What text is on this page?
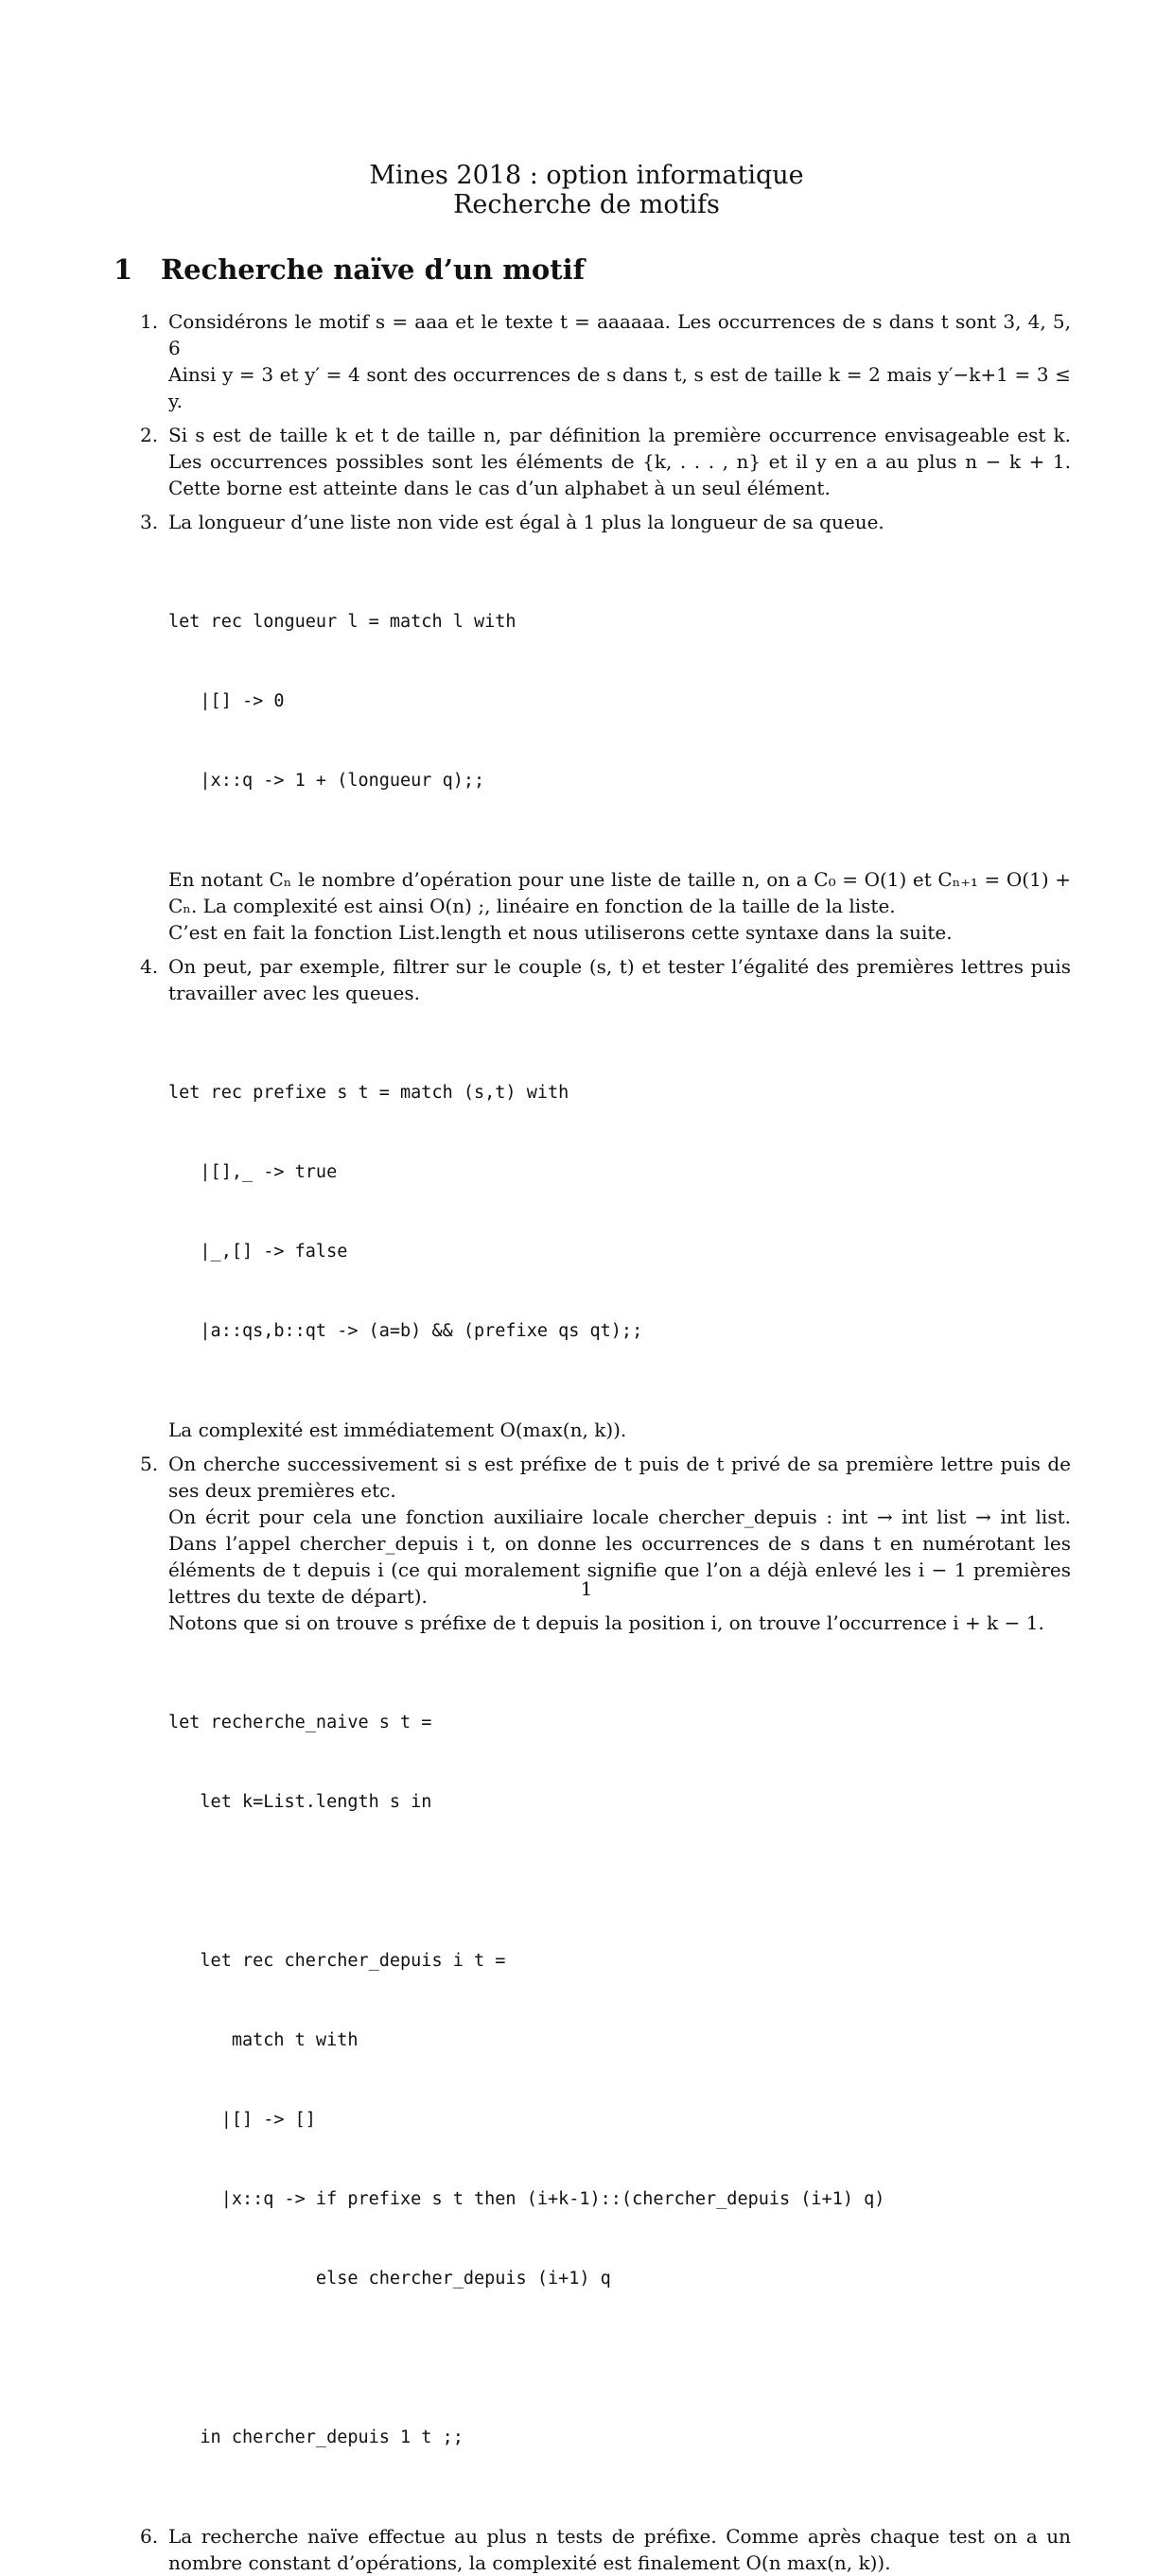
Mines 2018 : option informatique
Recherche de motifs
1 Recherche naïve d’un motif
1. Considérons le motif s = aaa et le texte t = aaaaaa. Les occurrences de s dans t sont 3, 4, 5, 6

Ainsi y = 3 et y′ = 4 sont des occurrences de s dans t, s est de taille k = 2 mais y′−k+1 = 3 ≤ y.

2. Si s est de taille k et t de taille n, par définition la première occurrence envisageable est k. Les occurrences possibles sont les éléments de {k, . . . , n} et il y en a au plus n − k + 1. Cette borne est atteinte dans le cas d’un alphabet à un seul élément.

3. La longueur d’une liste non vide est égal à 1 plus la longueur de sa queue.

let rec longueur l = match l with

|[] -> 0

|x::q -> 1 + (longueur q);;

En notant Cₙ le nombre d’opération pour une liste de taille n, on a C₀ = O(1) et Cₙ₊₁ = O(1) + Cₙ. La complexité est ainsi O(n) ;, linéaire en fonction de la taille de la liste.

C’est en fait la fonction List.length et nous utiliserons cette syntaxe dans la suite.

4. On peut, par exemple, filtrer sur le couple (s, t) et tester l’égalité des premières lettres puis travailler avec les queues.

let rec prefixe s t = match (s,t) with

|[],_ -> true

|_,[] -> false

|a::qs,b::qt -> (a=b) && (prefixe qs qt);;

La complexité est immédiatement O(max(n, k)).

5. On cherche successivement si s est préfixe de t puis de t privé de sa première lettre puis de ses deux premières etc.

On écrit pour cela une fonction auxiliaire locale chercher_depuis : int → int list → int list. Dans l’appel chercher_depuis i t, on donne les occurrences de s dans t en numérotant les éléments de t depuis i (ce qui moralement signifie que l’on a déjà enlevé les i − 1 premières lettres du texte de départ).

Notons que si on trouve s préfixe de t depuis la position i, on trouve l’occurrence i + k − 1.

let recherche_naive s t =

let k=List.length s in

let rec chercher_depuis i t =

match t with

|[] -> []

|x::q -> if prefixe s t then (i+k-1)::(chercher_depuis (i+1) q)

else chercher_depuis (i+1) q

in chercher_depuis 1 t ;;

6. La recherche naïve effectue au plus n tests de préfixe. Comme après chaque test on a un nombre constant d’opérations, la complexité est finalement O(n max(n, k)).

1
